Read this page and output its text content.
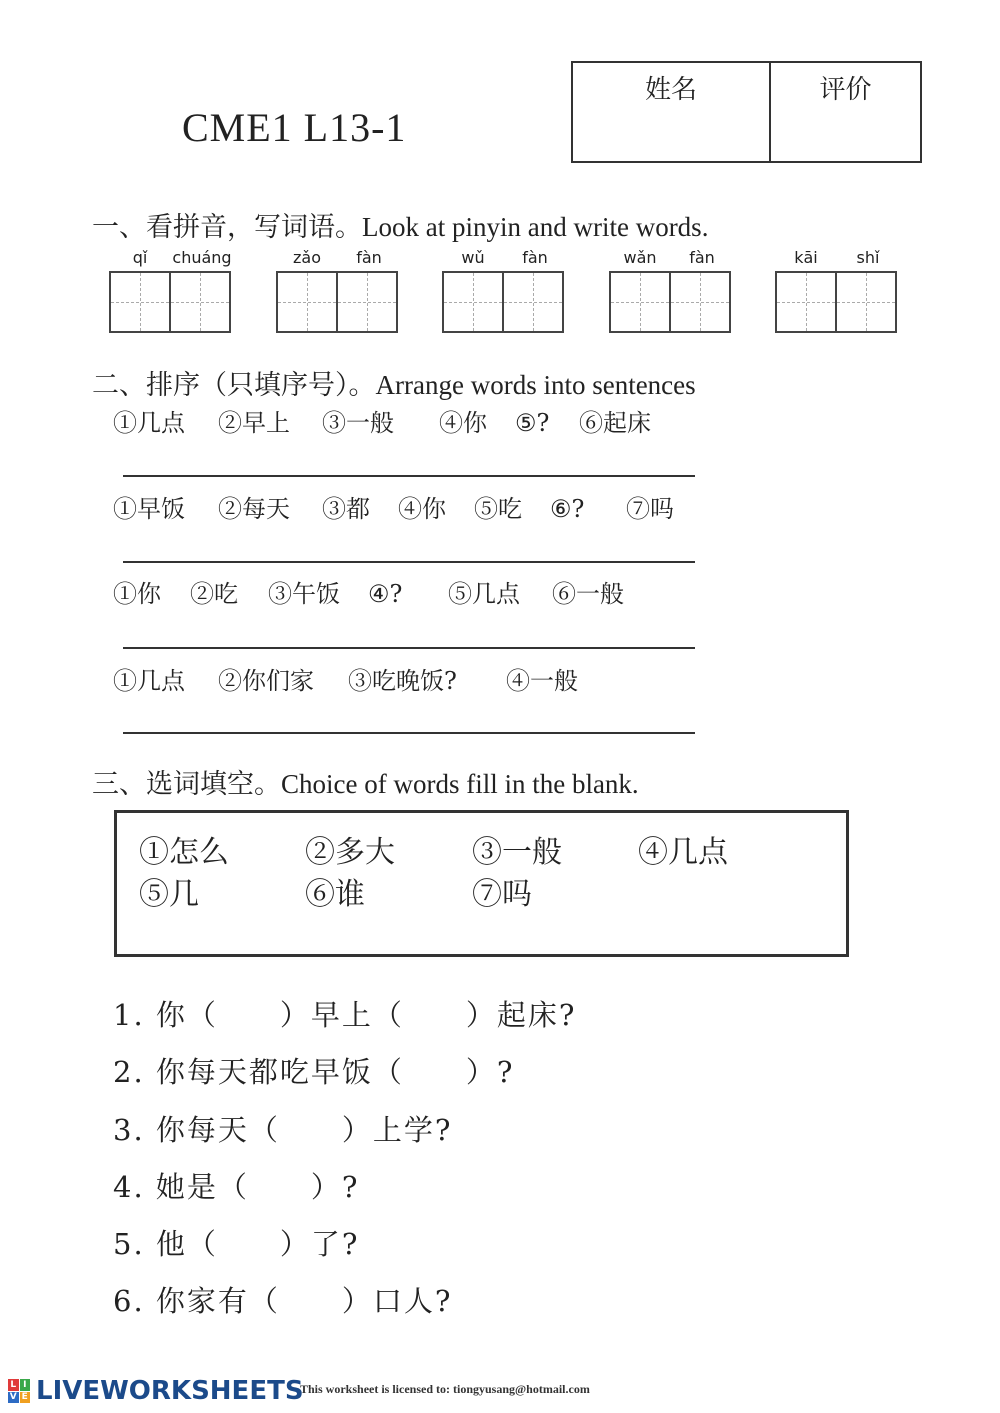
CME1 L13-1
姓名	评价
一、看拼音，写词语。Look at pinyin and write words.
qǐ	chuáng	zǎo	fàn	wǔ	fàn	wǎn	fàn	kāi	shǐ
二、排序（只填序号）。Arrange words into sentences
①几点 ②早上 ③一般 ④你 ⑤? ⑥起床
①早饭 ②每天 ③都 ④你 ⑤吃 ⑥? ⑦吗
①你 ②吃 ③午饭 ④? ⑤几点 ⑥一般
①几点 ②你们家 ③吃晚饭? ④一般
三、选词填空。Choice of words fill in the blank.
①怎么	②多大	③一般	④几点
⑤几	⑥谁	⑦吗
1. 你（　　）早上（　　）起床?
2. 你每天都吃早饭（　　）?
3. 你每天（　　）上学?
4. 她是（　　）?
5. 他（　　）了?
6. 你家有（　　）口人?
L I
V E LIVEWORKSHEETS
This worksheet is licensed to: tiongyusang@hotmail.com
